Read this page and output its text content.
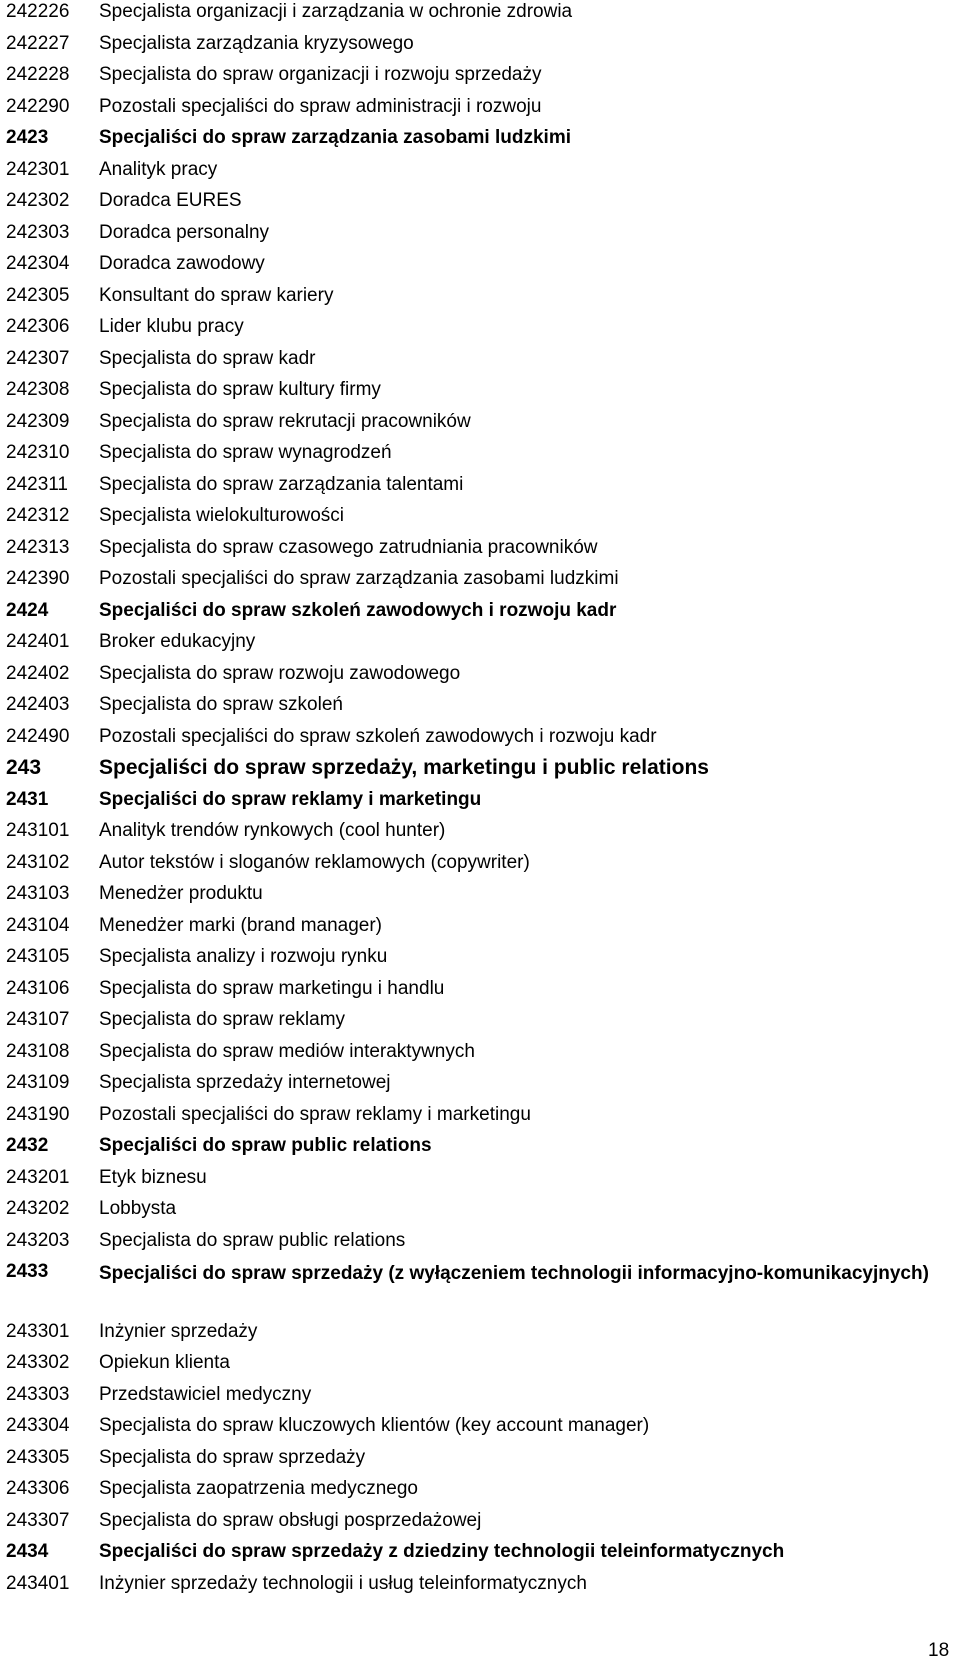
242226 Specjalista organizacji i zarządzania w ochronie zdrowia
242227 Specjalista zarządzania kryzysowego
242228 Specjalista do spraw organizacji i rozwoju sprzedaży
242290 Pozostali specjaliści do spraw administracji i rozwoju
2423	Specjaliści do spraw zarządzania zasobami ludzkimi
242301 Analityk pracy
242302 Doradca EURES
242303 Doradca personalny
242304 Doradca zawodowy
242305 Konsultant do spraw kariery
242306 Lider klubu pracy
242307 Specjalista do spraw kadr
242308 Specjalista do spraw kultury firmy
242309 Specjalista do spraw rekrutacji pracowników
242310 Specjalista do spraw wynagrodzeń
242311 Specjalista do spraw zarządzania talentami
242312 Specjalista wielokulturowości
242313 Specjalista do spraw czasowego zatrudniania pracowników
242390 Pozostali specjaliści do spraw zarządzania zasobami ludzkimi
2424	Specjaliści do spraw szkoleń zawodowych i rozwoju kadr
242401 Broker edukacyjny
242402 Specjalista do spraw rozwoju zawodowego
242403 Specjalista do spraw szkoleń
242490 Pozostali specjaliści do spraw szkoleń zawodowych i rozwoju kadr
243	Specjaliści do spraw sprzedaży, marketingu i public relations
2431	Specjaliści do spraw reklamy i marketingu
243101 Analityk trendów rynkowych (cool hunter)
243102 Autor tekstów i sloganów reklamowych (copywriter)
243103 Menedżer produktu
243104 Menedżer marki (brand manager)
243105 Specjalista analizy i rozwoju rynku
243106 Specjalista do spraw marketingu i handlu
243107 Specjalista do spraw reklamy
243108 Specjalista do spraw mediów interaktywnych
243109 Specjalista sprzedaży internetowej
243190 Pozostali specjaliści do spraw reklamy i marketingu
2432	Specjaliści do spraw public relations
243201 Etyk biznesu
243202 Lobbysta
243203 Specjalista do spraw public relations
2433	Specjaliści do spraw sprzedaży (z wyłączeniem technologii informacyjno-komunikacyjnych)
243301 Inżynier sprzedaży
243302 Opiekun klienta
243303 Przedstawiciel medyczny
243304 Specjalista do spraw kluczowych klientów (key account manager)
243305 Specjalista do spraw sprzedaży
243306 Specjalista zaopatrzenia medycznego
243307 Specjalista do spraw obsługi posprzedażowej
2434	Specjaliści do spraw sprzedaży z dziedziny technologii teleinformatycznych
243401 Inżynier sprzedaży technologii i usług teleinformatycznych
18
